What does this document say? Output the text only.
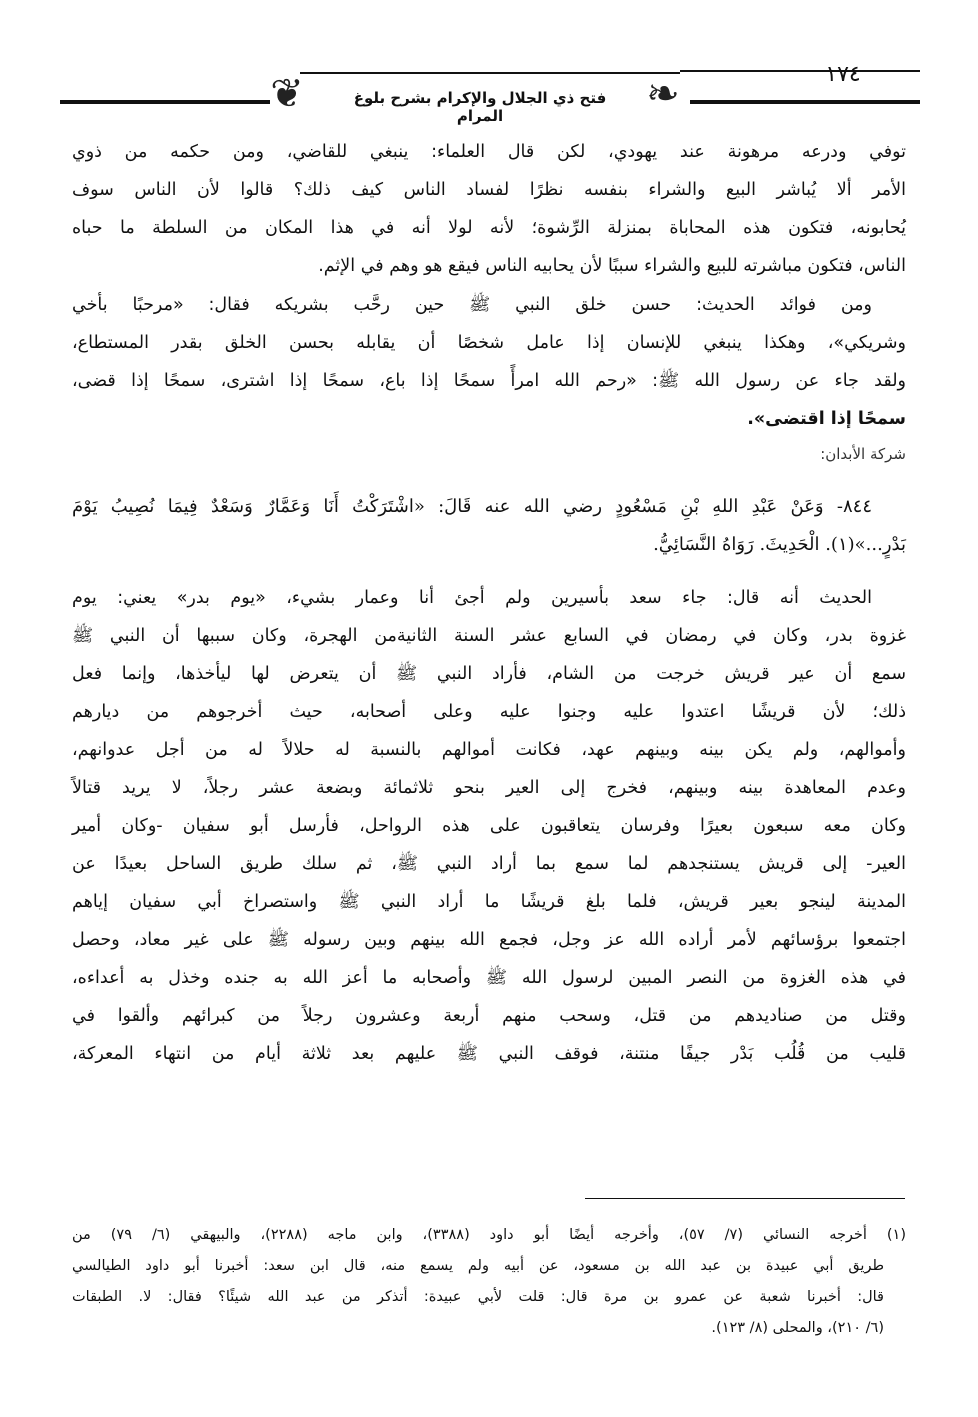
❦	❧	١٧٤
فتح ذي الجلال والإكرام بشرح بلوغ المرام
توفي ودرعه مرهونة عند يهودي، لكن قال العلماء: ينبغي للقاضي، ومن حكمه من ذوي
الأمر ألا يُباشر البيع والشراء بنفسه نظرًا لفساد الناس كيف ذلك؟ قالوا لأن الناس سوف
يُحابونه، فتكون هذه المحاباة بمنزلة الرِّشوة؛ لأنه لولا أنه في هذا المكان من السلطة ما حباه
الناس، فتكون مباشرته للبيع والشراء سببًا لأن يحابيه الناس فيقع هو وهم في الإثم.
ومن فوائد الحديث: حسن خلق النبي ﷺ حين رحَّب بشريكه فقال: «مرحبًا بأخي
وشريكي»، وهكذا ينبغي للإنسان إذا عامل شخصًا أن يقابله بحسن الخلق بقدر المستطاع،
ولقد جاء عن رسول الله ﷺ: «رحم الله امرأً سمحًا إذا باع، سمحًا إذا اشترى، سمحًا إذا قضى،
سمحًا إذا اقتضى».
شركة الأبدان:
٨٤٤- وَعَنْ عَبْدِ اللهِ بْنِ مَسْعُودٍ رضي الله عنه قَالَ: «اشْتَرَكْتُ أَنَا وَعَمَّارٌ وَسَعْدٌ فِيمَا نُصِيبُ يَوْمَ
بَدْرٍ...»(١). الْحَدِيثَ. رَوَاهُ النَّسَائِيُّ.
الحديث أنه قال: جاء سعد بأسيرين ولم أجئ أنا وعمار بشيء، «يوم بدر» يعني: يوم
غزوة بدر، وكان في رمضان في السابع عشر السنة الثانيةمن الهجرة، وكان سببها أن النبي ﷺ
سمع أن عير قريش خرجت من الشام، فأراد النبي ﷺ أن يتعرض لها ليأخذها، وإنما فعل
ذلك؛ لأن قريشًا اعتدوا عليه وجنوا عليه وعلى أصحابه، حيث أخرجوهم من ديارهم
وأموالهم، ولم يكن بينه وبينهم عهد، فكانت أموالهم بالنسبة له حلالاً له من أجل عدوانهم،
وعدم المعاهدة بينه وبينهم، فخرج إلى العير بنحو ثلاثمائة وبضعة عشر رجلاً، لا يريد قتالاً
وكان معه سبعون بعيرًا وفرسان يتعاقبون على هذه الرواحل، فأرسل أبو سفيان -وكان أمير
العير- إلى قريش يستنجدهم لما سمع بما أراد النبي ﷺ، ثم سلك طريق الساحل بعيدًا عن
المدينة لينجو بعير قريش، فلما بلغ قريشًا ما أراد النبي ﷺ واستصراخ أبي سفيان إياهم
اجتمعوا برؤسائهم لأمر أراده الله عز وجل، فجمع الله بينهم وبين رسوله ﷺ على غير معاد، وحصل
في هذه الغزوة من النصر المبين لرسول الله ﷺ وأصحابه ما أعز الله به جنده وخذل به أعداءه،
وقتل من صناديدهم من قتل، وسحب منهم أربعة وعشرون رجلاً من كبرائهم وألقوا في
قليب من قُلُب بَدْر جيفًا منتنة، فوقف النبي ﷺ عليهم بعد ثلاثة أيام من انتهاء المعركة،
(١) أخرجه النسائي (٧/ ٥٧)، وأخرجه أيضًا أبو داود (٣٣٨٨)، وابن ماجه (٢٢٨٨)، والبيهقي (٦/ ٧٩) من
طريق أبي عبيدة بن عبد الله بن مسعود، عن أبيه ولم يسمع منه، قال ابن سعد: أخبرنا أبو داود الطيالسي
قال: أخبرنا شعبة عن عمرو بن مرة قال: قلت لأبي عبيدة: أتذكر من عبد الله شيئًا؟ فقال: لا. الطبقات
(٦/ ٢١٠)، والمحلى (٨/ ١٢٣).
